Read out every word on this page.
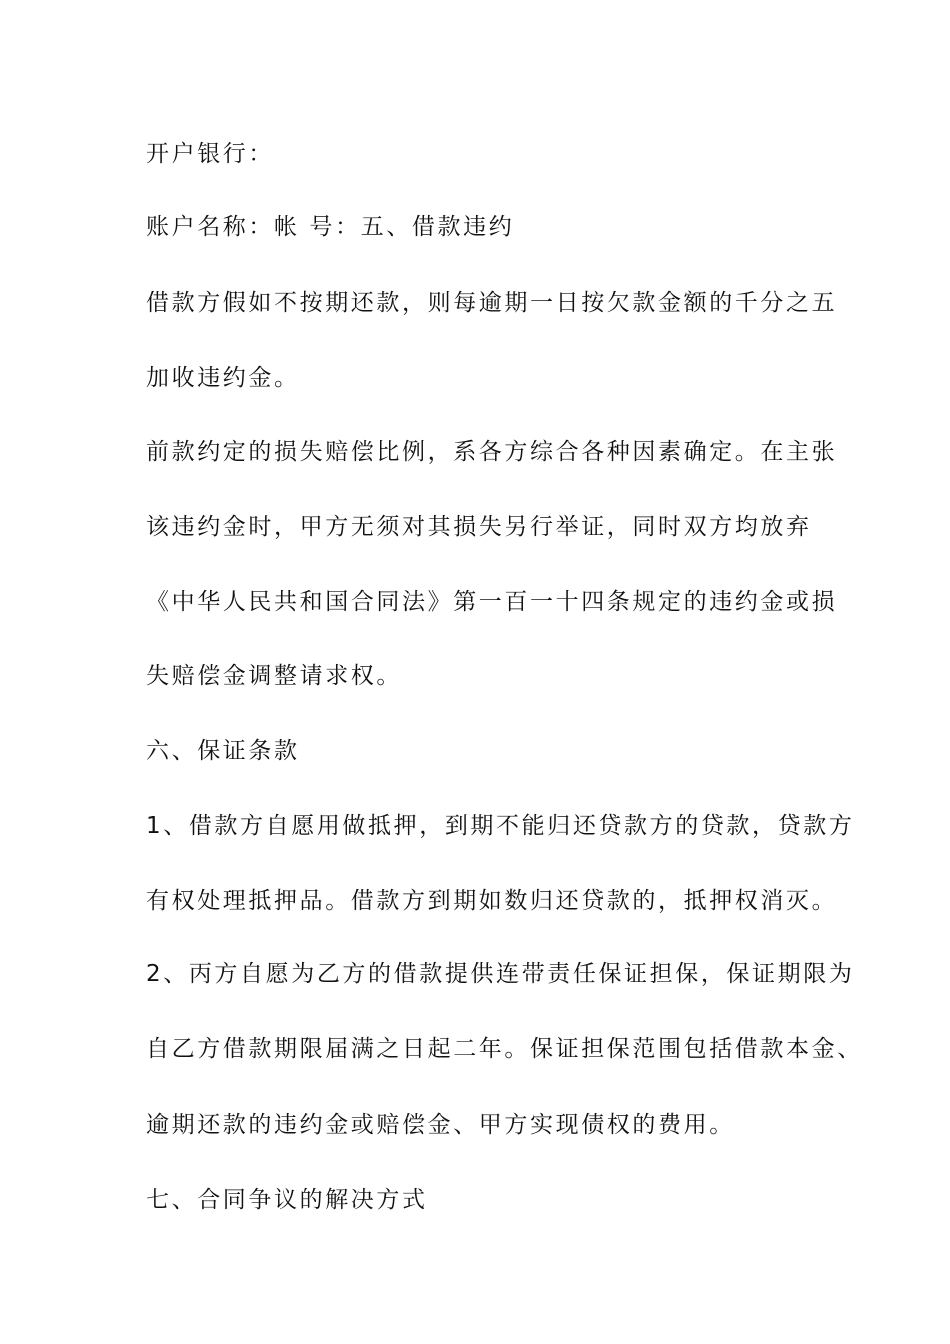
开户银行：

账户名称：帐 号：五、借款违约

借款方假如不按期还款，则每逾期一日按欠款金额的千分之五

加收违约金。

前款约定的损失赔偿比例，系各方综合各种因素确定。在主张

该违约金时，甲方无须对其损失另行举证，同时双方均放弃

《中华人民共和国合同法》第一百一十四条规定的违约金或损

失赔偿金调整请求权。

六、保证条款

1、借款方自愿用做抵押，到期不能归还贷款方的贷款，贷款方

有权处理抵押品。借款方到期如数归还贷款的，抵押权消灭。

2、丙方自愿为乙方的借款提供连带责任保证担保，保证期限为

自乙方借款期限届满之日起二年。保证担保范围包括借款本金、

逾期还款的违约金或赔偿金、甲方实现债权的费用。

七、合同争议的解决方式
